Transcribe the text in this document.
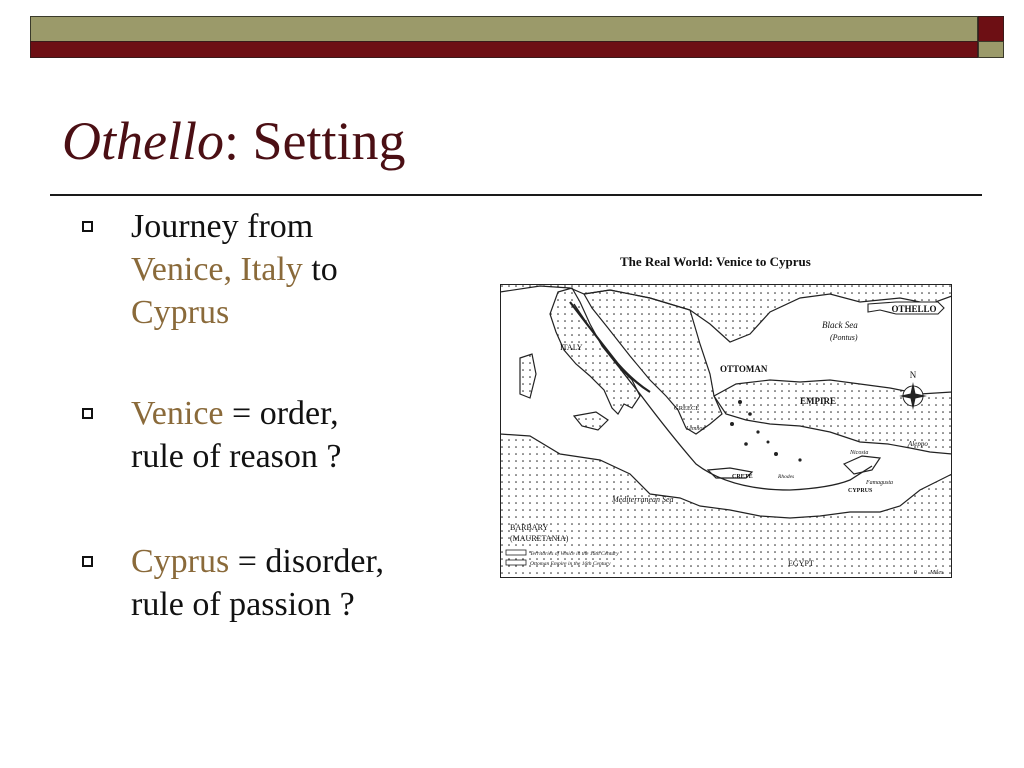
Othello: Setting
Journey from
Venice, Italy to
Cyprus
Venice = order,
rule of reason ?
Cyprus = disorder,
rule of passion ?
The Real World: Venice to Cyprus
N
OTHELLO
ITALY
Black Sea
(Pontus)
OTTOMAN
EMPIRE
GREECE
Lemnos
CRETE	Rhodes
Nicosia
Famagusta
CYPRUS
Aleppo
Mediterranean Sea
BARBARY
(MAURETANIA)
EGYPT
Territories of Venice in the 16th Century
Ottoman Empire in the 16th Century
0 Miles
